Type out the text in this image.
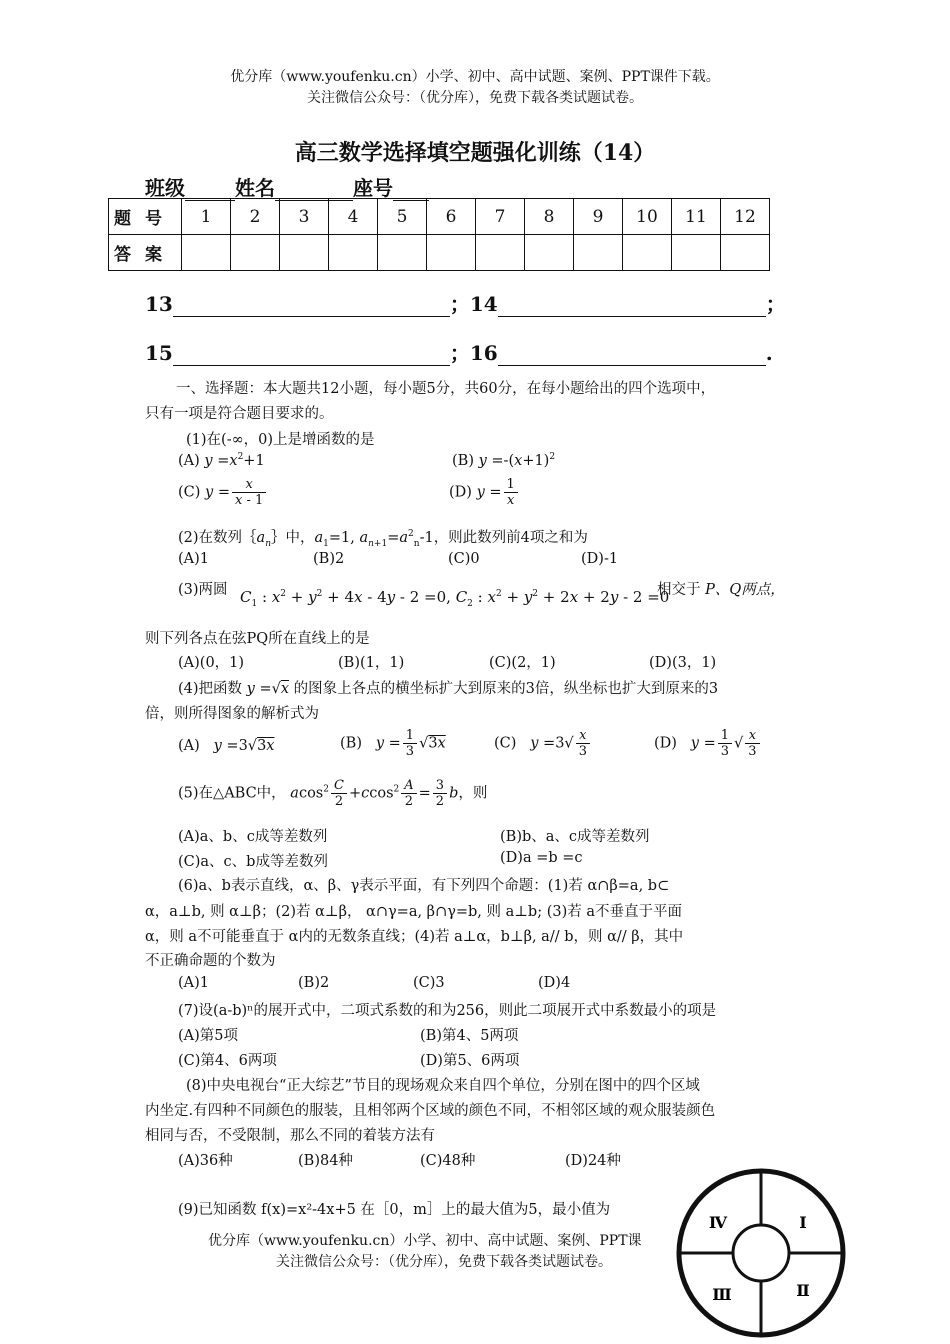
优分库（www.youfenku.cn）小学、初中、高中试题、案例、PPT课件下载。
关注微信公众号：（优分库），免费下载各类试题试卷。
高三数学选择填空题强化训练（14）
班级	姓名	座号
题号	1	2	3	4	5	6	7	8	9	10	11	12
答案												
13	；14	；
15	；16	.
一、选择题：本大题共12小题，每小题5分，共60分，在每小题给出的四个选项中，
只有一项是符合题目要求的。
(1)在(-∞，0)上是增函数的是
(A) $y =x^2+1$	(B) $y =-(x+1)^2$
(C) $y = \frac{x}{x - 1}$	(D) $y = \frac{1}{x}$
(2)在数列$\{a_n\}$中，$a_1=1$, $a_{n+1}=a^2_n-1$，则此数列前4项之和为
(A)1	(B)2	(C)0	(D)-1
(3)两圆 $C_1$ : $x^2 + y^2 + 4x - 4y - 2 =0$, $C_2$ : $x^2 + y^2 + 2x + 2y - 2 =0$
相交于 P、Q两点，
则下列各点在弦PQ所在直线上的是
(A)(0，1)	(B)(1，1)	(C)(2，1)	(D)(3，1)
(4)把函数 y =√x 的图象上各点的横坐标扩大到原来的3倍，纵坐标也扩大到原来的3
倍，则所得图象的解析式为
(A) y =3√3x	(B) $y = \frac{1}{3} √3x$	(C) $y =3√ \frac{x}{3}$	(D) $y = \frac{1}{3}$ √ $\frac{x}{3}$
(5)在△ABC中， $acos^2 \frac{C}{2} +ccos^2 \frac{A}{2} = \frac{3}{2}$ b，则
(A)a、b、c成等差数列	(B)b、a、c成等差数列
(C)a、c、b成等差数列	(D)a =b =c
(6)a、b表示直线，α、β、γ表示平面，有下列四个命题：(1)若 α∩β=a, b⊂
α，a⊥b, 则 α⊥β；(2)若 α⊥β， α∩γ=a, β∩γ=b, 则 a⊥b; (3)若 a不垂直于平面
α，则 a不可能垂直于 α内的无数条直线；(4)若 a⊥α，b⊥β, a// b，则 α// β，其中
不正确命题的个数为
(A)1	(B)2	(C)3	(D)4
(7)设(a-b)ⁿ的展开式中，二项式系数的和为256，则此二项展开式中系数最小的项是
(A)第5项	(B)第4、5两项
(C)第4、6两项	(D)第5、6两项
(8)中央电视台“正大综艺”节目的现场观众来自四个单位，分别在图中的四个区域
内坐定.有四种不同颜色的服装，且相邻两个区域的颜色不同，不相邻区域的观众服装颜色
相同与否，不受限制，那么不同的着装方法有
(A)36种	(B)84种	(C)48种	(D)24种
(9)已知函数 f(x)=x²-4x+5 在［0，m］上的最大值为5，最小值为
优分库（www.youfenku.cn）小学、初中、高中试题、案例、PPT课
关注微信公众号：（优分库），免费下载各类试题试卷。
Ⅳ	Ⅰ
Ⅲ	Ⅱ
